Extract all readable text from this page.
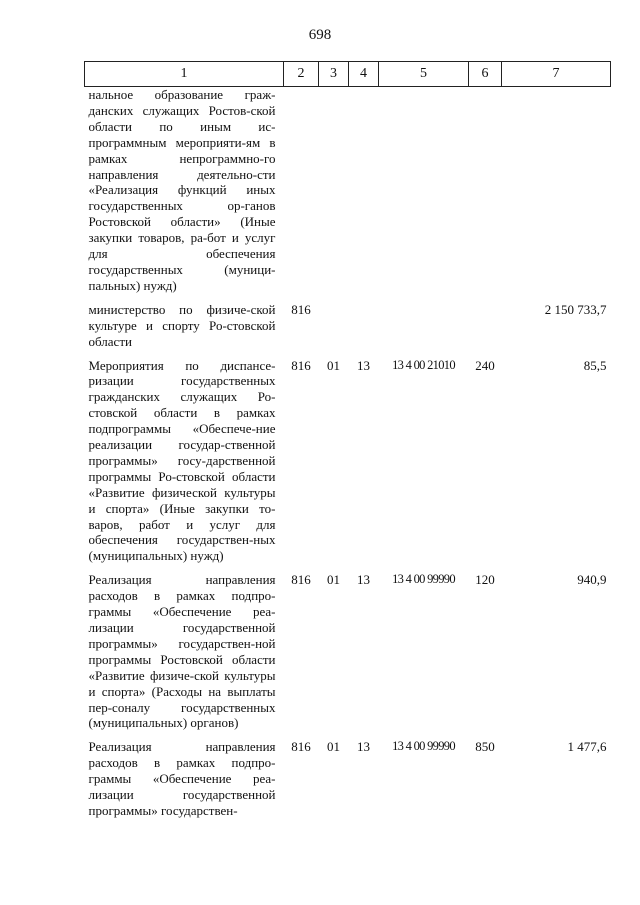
698
1	2	3	4	5	6	7
нальное образование граж-данских служащих Ростов-ской области по иным ис-программным мероприяти-ям в рамках непрограммно-го направления деятельно-сти «Реализация функций иных государственных ор-ганов Ростовской области» (Иные закупки товаров, ра-бот и услуг для обеспечения государственных (муници-пальных) нужд)						
министерство по физиче-ской культуре и спорту Ро-стовской области	816					2 150 733,7
Мероприятия по диспансе-ризации государственных гражданских служащих Ро-стовской области в рамках подпрограммы «Обеспече-ние реализации государ-ственной программы» госу-дарственной программы Ро-стовской области «Развитие физической культуры и спорта» (Иные закупки то-варов, работ и услуг для обеспечения государствен-ных (муниципальных) нужд)	816	01	13	13 4 00 21010	240	85,5
Реализация направления расходов в рамках подпро-граммы «Обеспечение реа-лизации государственной программы» государствен-ной программы Ростовской области «Развитие физиче-ской культуры и спорта» (Расходы на выплаты пер-соналу государственных (муниципальных) органов)	816	01	13	13 4 00 99990	120	940,9
Реализация направления расходов в рамках подпро-граммы «Обеспечение реа-лизации государственной программы» государствен-	816	01	13	13 4 00 99990	850	1 477,6
